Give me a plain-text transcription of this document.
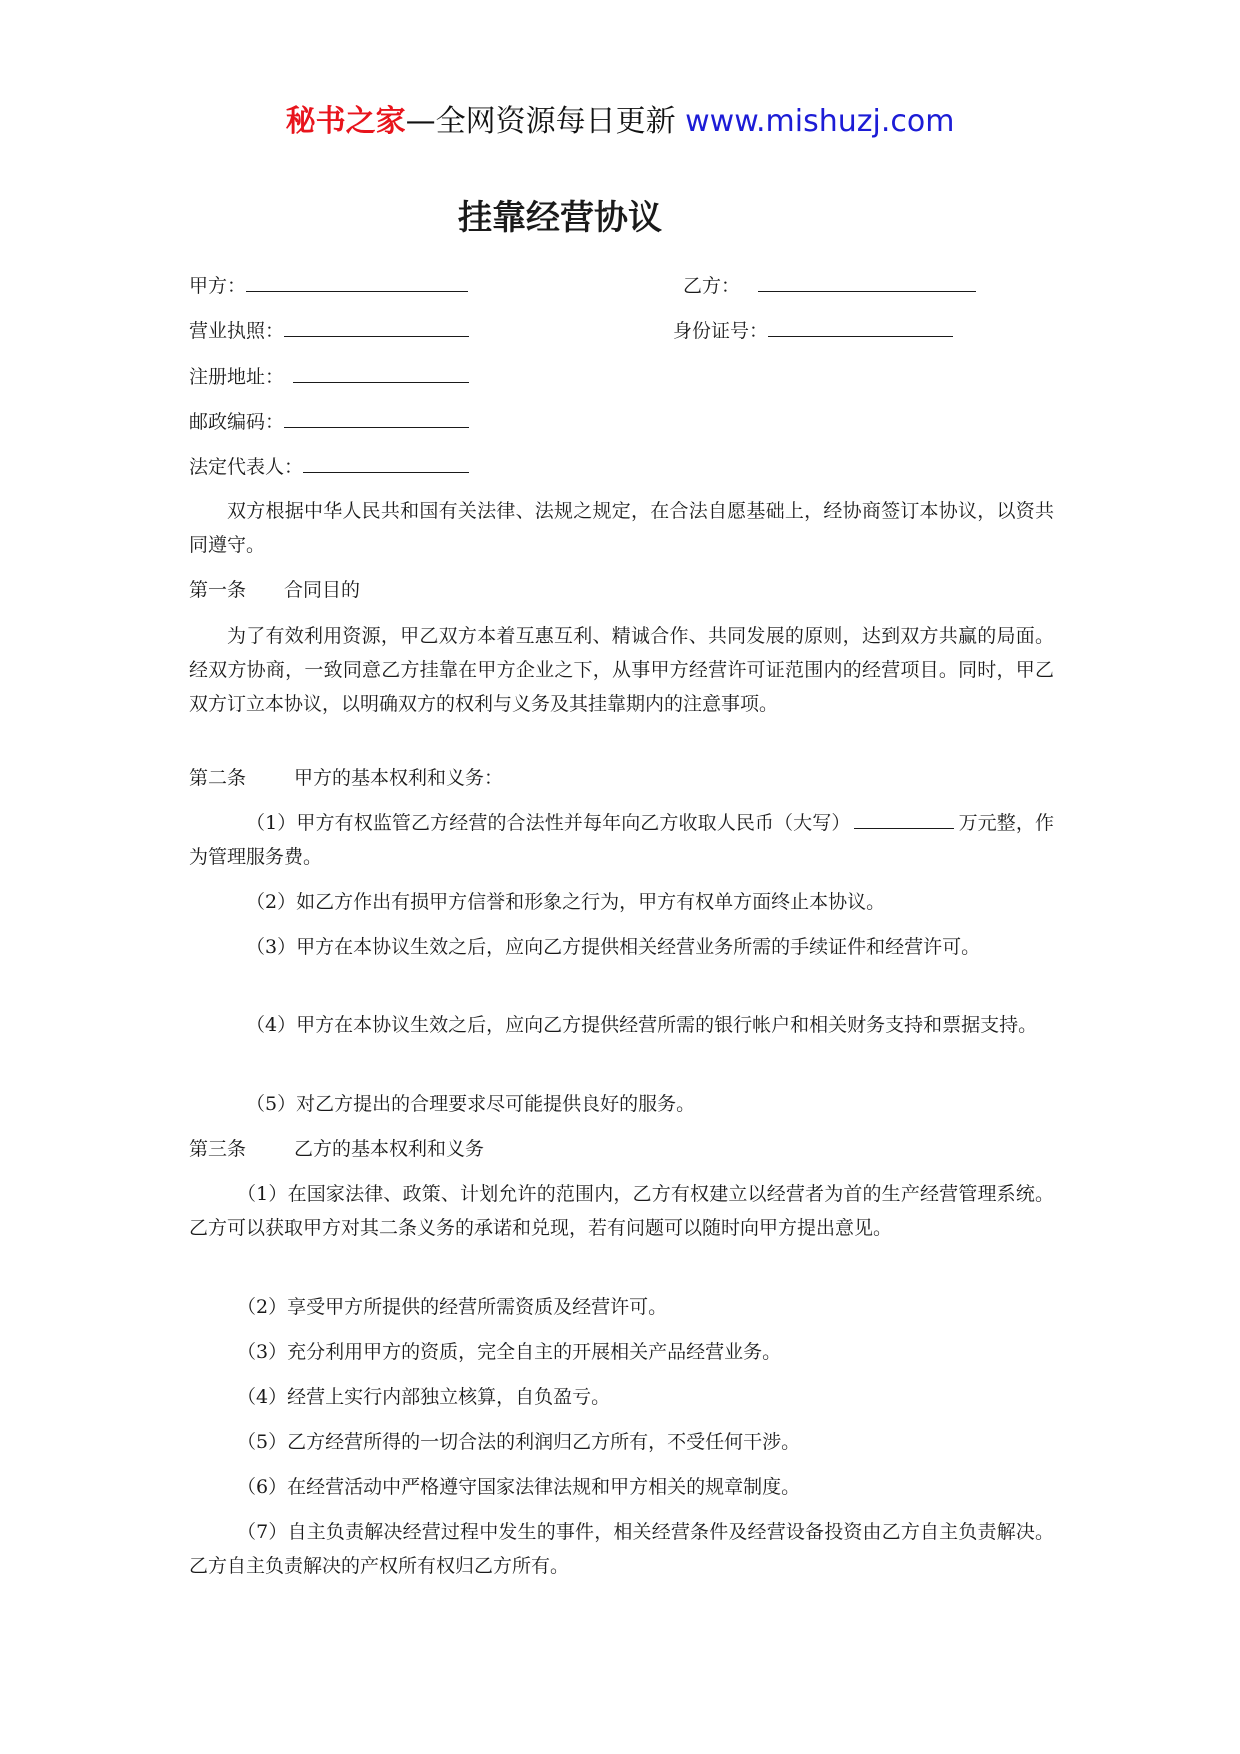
秘书之家—全网资源每日更新 www.mishuzj.com
挂靠经营协议
甲方：	乙方：
营业执照：	身份证号：
注册地址：
邮政编码：
法定代表人：
双方根据中华人民共和国有关法律、法规之规定，在合法自愿基础上，经协商签订本协议，以资共同遵守。
第一条 合同目的
为了有效利用资源，甲乙双方本着互惠互利、精诚合作、共同发展的原则，达到双方共赢的局面。经双方协商，一致同意乙方挂靠在甲方企业之下，从事甲方经营许可证范围内的经营项目。同时，甲乙双方订立本协议，以明确双方的权利与义务及其挂靠期内的注意事项。
第二条	甲方的基本权利和义务：
（1）甲方有权监管乙方经营的合法性并每年向乙方收取人民币（大写）	万元整，作为管理服务费。
（2）如乙方作出有损甲方信誉和形象之行为，甲方有权单方面终止本协议。
（3）甲方在本协议生效之后，应向乙方提供相关经营业务所需的手续证件和经营许可。
（4）甲方在本协议生效之后，应向乙方提供经营所需的银行帐户和相关财务支持和票据支持。
（5）对乙方提出的合理要求尽可能提供良好的服务。
第三条	乙方的基本权利和义务
（1）在国家法律、政策、计划允许的范围内，乙方有权建立以经营者为首的生产经营管理系统。乙方可以获取甲方对其二条义务的承诺和兑现，若有问题可以随时向甲方提出意见。
（2）享受甲方所提供的经营所需资质及经营许可。
（3）充分利用甲方的资质，完全自主的开展相关产品经营业务。
（4）经营上实行内部独立核算，自负盈亏。
（5）乙方经营所得的一切合法的利润归乙方所有，不受任何干涉。
（6）在经营活动中严格遵守国家法律法规和甲方相关的规章制度。
（7）自主负责解决经营过程中发生的事件，相关经营条件及经营设备投资由乙方自主负责解决。乙方自主负责解决的产权所有权归乙方所有。
